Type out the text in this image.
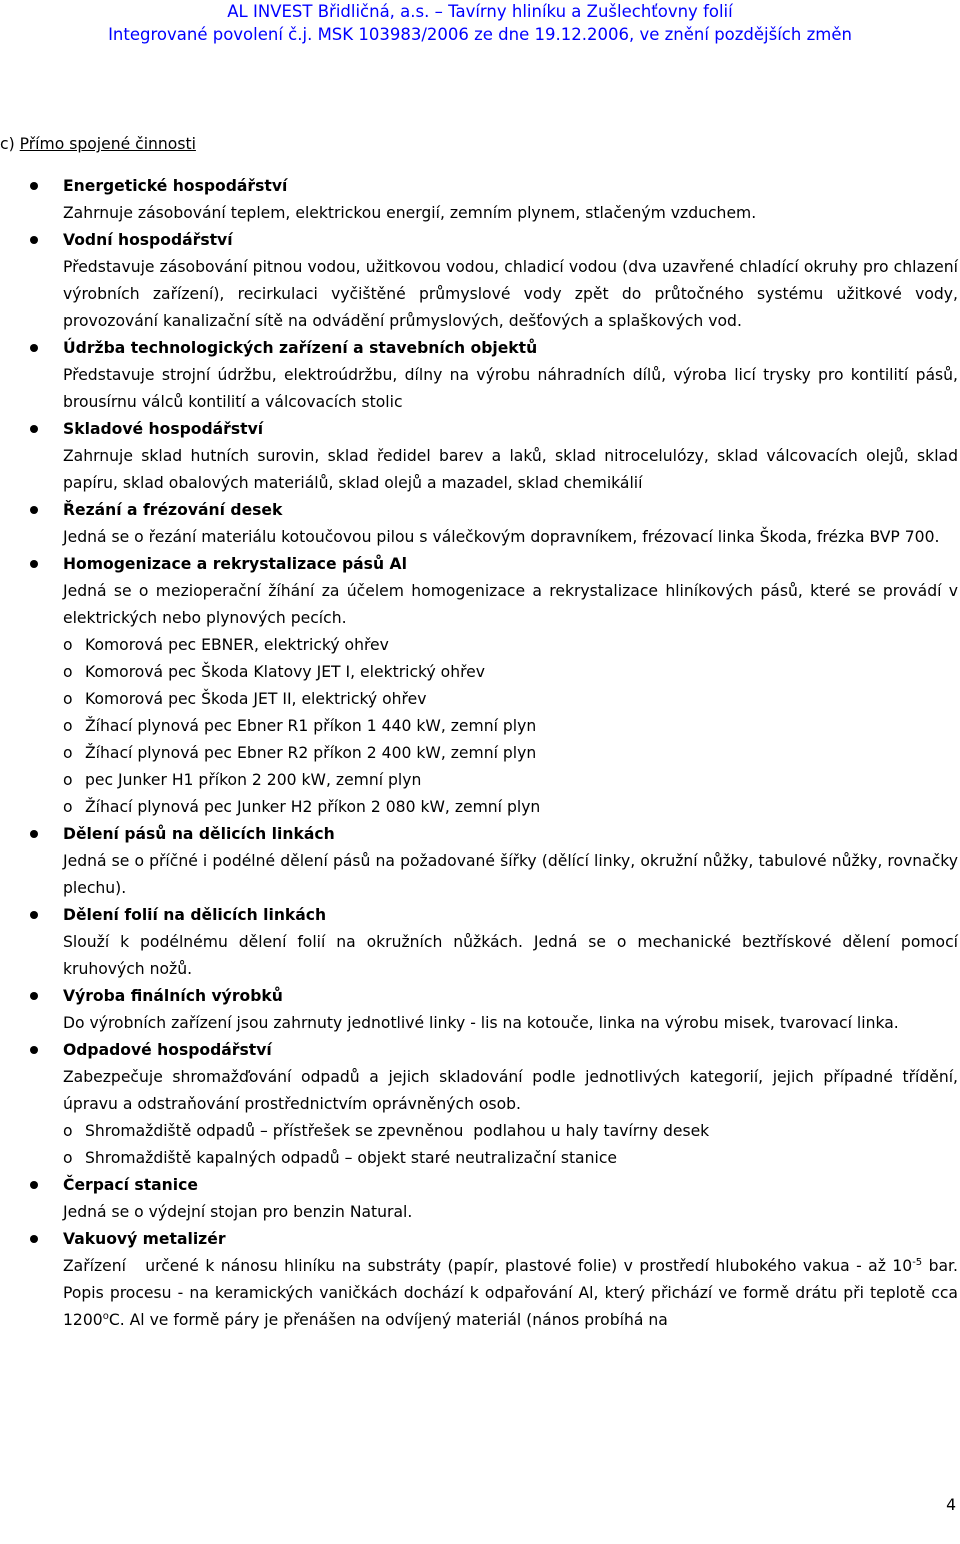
AL INVEST Břidličná, a.s. – Tavírny hliníku a Zušlechťovny folií
Integrované povolení č.j. MSK 103983/2006 ze dne 19.12.2006, ve znění pozdějších změn
c) Přímo spojené činnosti
Energetické hospodářství
Zahrnuje zásobování teplem, elektrickou energií, zemním plynem, stlačeným vzduchem.
Vodní hospodářství
Představuje zásobování pitnou vodou, užitkovou vodou, chladicí vodou (dva uzavřené chladící okruhy pro chlazení výrobních zařízení), recirkulaci vyčištěné průmyslové vody zpět do průtočného systému užitkové vody, provozování kanalizační sítě na odvádění průmyslových, dešťových a splaškových vod.
Údržba technologických zařízení a stavebních objektů
Představuje strojní údržbu, elektroúdržbu, dílny na výrobu náhradních dílů, výroba licí trysky pro kontilití pásů, brousírnu válců kontilití a válcovacích stolic
Skladové hospodářství
Zahrnuje sklad hutních surovin, sklad ředidel barev a laků, sklad nitrocelulózy, sklad válcovacích olejů, sklad papíru, sklad obalových materiálů, sklad olejů a mazadel, sklad chemikálií
Řezání a frézování desek
Jedná se o řezání materiálu kotoučovou pilou s válečkovým dopravníkem, frézovací linka Škoda, frézka BVP 700.
Homogenizace a rekrystalizace pásů Al
Jedná se o mezioperační žíhání za účelem homogenizace a rekrystalizace hliníkových pásů, které se provádí v elektrických nebo plynových pecích.
o Komorová pec EBNER, elektrický ohřev
o Komorová pec Škoda Klatovy JET I, elektrický ohřev
o Komorová pec Škoda JET II, elektrický ohřev
o Žíhací plynová pec Ebner R1 příkon 1 440 kW, zemní plyn
o Žíhací plynová pec Ebner R2 příkon 2 400 kW, zemní plyn
o pec Junker H1 příkon 2 200 kW, zemní plyn
o Žíhací plynová pec Junker H2 příkon 2 080 kW, zemní plyn
Dělení pásů na dělicích linkách
Jedná se o příčné i podélné dělení pásů na požadované šířky (dělící linky, okružní nůžky, tabulové nůžky, rovnačky plechu).
Dělení folií na dělicích linkách
Slouží k podélnému dělení folií na okružních nůžkách. Jedná se o mechanické beztřískové dělení pomocí kruhových nožů.
Výroba finálních výrobků
Do výrobních zařízení jsou zahrnuty jednotlivé linky - lis na kotouče, linka na výrobu misek, tvarovací linka.
Odpadové hospodářství
Zabezpečuje shromažďování odpadů a jejich skladování podle jednotlivých kategorií, jejich případné třídění, úpravu a odstraňování prostřednictvím oprávněných osob.
o Shromaždiště odpadů – přístřešek se zpevněnou  podlahou u haly tavírny desek
o Shromaždiště kapalných odpadů – objekt staré neutralizační stanice
Čerpací stanice
Jedná se o výdejní stojan pro benzin Natural.
Vakuový metalizér
Zařízení   určené k nánosu hliníku na substráty (papír, plastové folie) v prostředí hlubokého vakua - až $10^{-5}$ bar. Popis procesu - na keramických vaničkách dochází k odpařování Al, který přichází ve formě drátu při teplotě cca 1200$^o$C. Al ve formě páry je přenášen na odvíjený materiál (nános probíhá na
4
